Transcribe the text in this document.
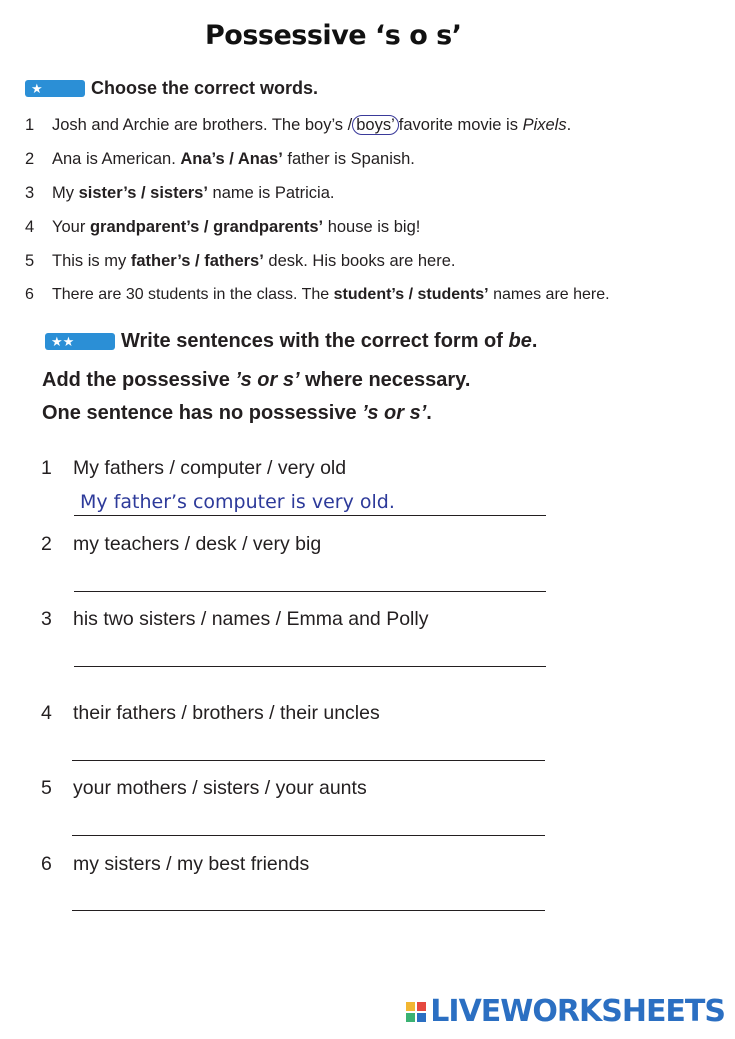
Possessive ‘s o s’
★	Choose the correct words.
1 Josh and Archie are brothers. The boy’s / boys’ favorite movie is Pixels.
2 Ana is American. Ana’s / Anas’ father is Spanish.
3 My sister’s / sisters’ name is Patricia.
4 Your grandparent’s / grandparents’ house is big!
5 This is my father’s / fathers’ desk. His books are here.
6 There are 30 students in the class. The student’s / students’ names are here.
★★	Write sentences with the correct form of be.
Add the possessive ’s or s’ where necessary.
One sentence has no possessive ’s or s’.
1 My fathers / computer / very old
My father’s computer is very old.
2 my teachers / desk / very big
3 his two sisters / names / Emma and Polly
4 their fathers / brothers / their uncles
5 your mothers / sisters / your aunts
6 my sisters / my best friends
LIVEWORKSHEETS
